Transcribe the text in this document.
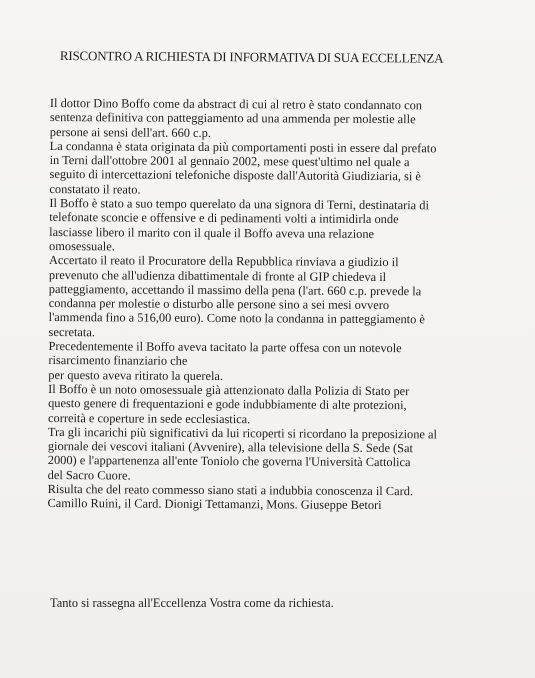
RISCONTRO A RICHIESTA DI INFORMATIVA DI SUA ECCELLENZA

Il dottor Dino Boffo come da abstract di cui al retro è stato condannato con
sentenza definitiva con patteggiamento ad una ammenda per molestie alle
persone ai sensi dell'art. 660 c.p.

La condanna è stata originata da più comportamenti posti in essere dal prefato
in Terni dall'ottobre 2001 al gennaio 2002, mese quest'ultimo nel quale a
seguito di intercettazioni telefoniche disposte dall'Autorità Giudiziaria, si è
constatato il reato.

Il Boffo è stato a suo tempo querelato da una signora di Terni, destinataria di
telefonate sconcie e offensive e di pedinamenti volti a intimidirla onde
lasciasse libero il marito con il quale il Boffo aveva una relazione
omosessuale.

Accertato il reato il Procuratore della Repubblica rinviava a giudizio il
prevenuto che all'udienza dibattimentale di fronte al GIP chiedeva il
patteggiamento, accettando il massimo della pena (l'art. 660 c.p. prevede la
condanna per molestie o disturbo alle persone sino a sei mesi ovvero
l'ammenda fino a 516,00 euro). Come noto la condanna in patteggiamento è
secretata.

Precedentemente il Boffo aveva tacitato la parte offesa con un notevole
risarcimento finanziario che
per questo aveva ritirato la querela.

Il Boffo è un noto omosessuale già attenzionato dalla Polizia di Stato per
questo genere di frequentazioni e gode indubbiamente di alte protezioni,
correità e coperture in sede ecclesiastica.

Tra gli incarichi più significativi da lui ricoperti si ricordano la preposizione al
giornale dei vescovi italiani (Avvenire), alla televisione della S. Sede (Sat
2000) e l'appartenenza all'ente Toniolo che governa l'Università Cattolica
del Sacro Cuore.

Risulta che del reato commesso siano stati a indubbia conoscenza il Card.
Camillo Ruini, il Card. Dionigi Tettamanzi, Mons. Giuseppe Betori

Tanto si rassegna all'Eccellenza Vostra come da richiesta.
